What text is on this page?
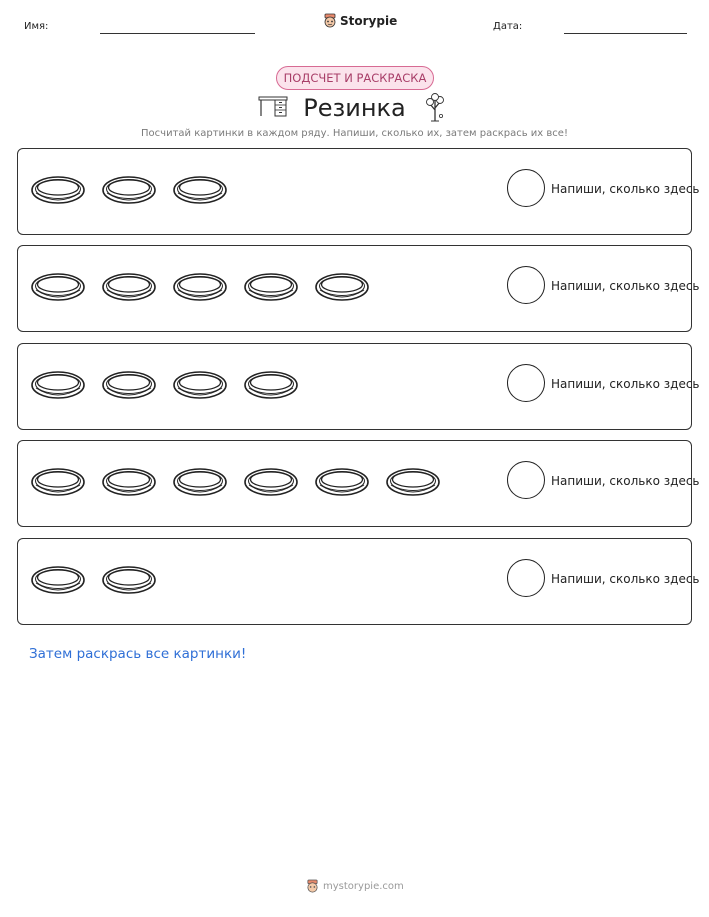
Имя:	Storypie	Дата:
ПОДСЧЕТ И РАСКРАСКА
Резинка
Посчитай картинки в каждом ряду. Напиши, сколько их, затем раскрась их все!
Напиши, сколько здесь
Напиши, сколько здесь
Напиши, сколько здесь
Напиши, сколько здесь
Напиши, сколько здесь
Затем раскрась все картинки!
mystorypie.com
